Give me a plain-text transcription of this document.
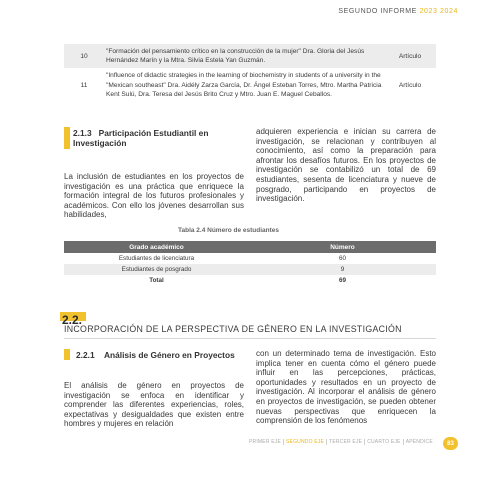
SEGUNDO INFORME 2023 2024
10	"Formación del pensamiento crítico en la construcción de la mujer" Dra. Gloria del Jesús Hernández Marín y la Mtra. Silvia Estela Yan Guzmán.	Artículo
11	"Influence of didactic strategies in the learning of biochemistry in students of a university in the "Mexican southeast" Dra. Aidély Zarza García, Dr. Ángel Esteban Torres, Mtro. Martha Patricia Kent Sulú, Dra. Teresa del Jesús Brito Cruz y Mtro. Juan E. Maguel Ceballos.	Artículo
2.1.3 Participación Estudiantil en
Investigación
La inclusión de estudiantes en los proyectos de investigación es una práctica que enriquece la formación integral de los futuros profesionales y académicos. Con ello los jóvenes desarrollan sus habilidades,
adquieren experiencia e inician su carrera de investigación, se relacionan y contribuyen al conocimiento, así como la preparación para afrontar los desafíos futuros. En los proyectos de investigación se contabilizó un total de 69 estudiantes, sesenta de licenciatura y nueve de posgrado, participando en proyectos de investigación.
Tabla 2.4 Número de estudiantes
Grado académico	Número
Estudiantes de licenciatura	60
Estudiantes de posgrado	9
Total	69
2.2.
INCORPORACIÓN DE LA PERSPECTIVA DE GÉNERO EN LA INVESTIGACIÓN
2.2.1 Análisis de Género en Proyectos
El análisis de género en proyectos de investigación se enfoca en identificar y comprender las diferentes experiencias, roles, expectativas y desigualdades que existen entre hombres y mujeres en relación
con un determinado tema de investigación. Esto implica tener en cuenta cómo el género puede influir en las percepciones, prácticas, oportunidades y resultados en un proyecto de investigación. Al incorporar el análisis de género en proyectos de investigación, se pueden obtener nuevas perspectivas que enriquecen la comprensión de los fenómenos
PRIMER EJE	SEGUNDO EJE	TERCER EJE	CUARTO EJE	APÉNDICE	83
